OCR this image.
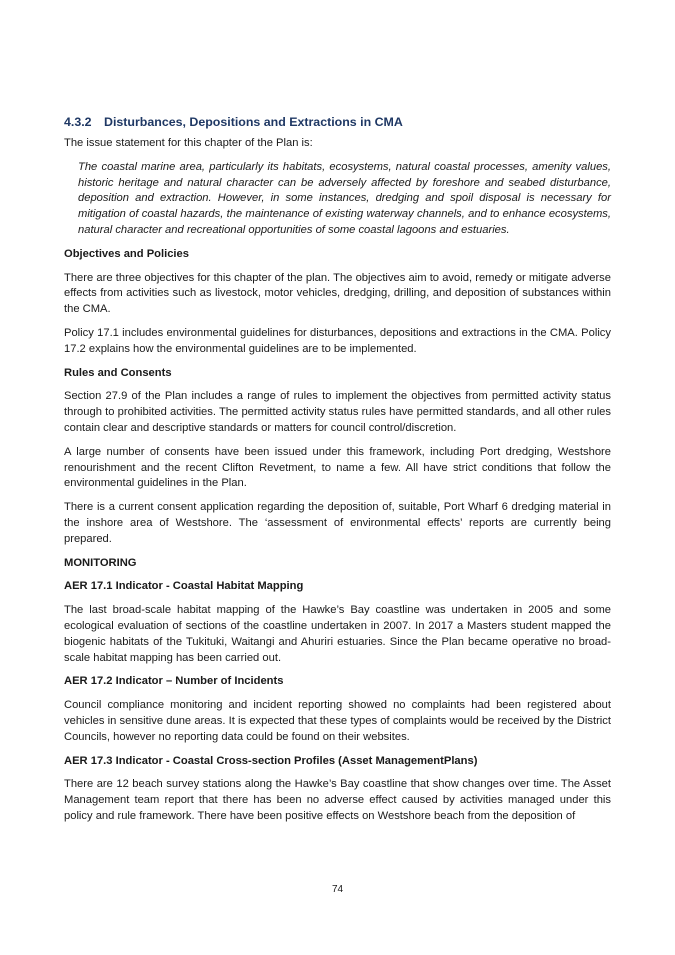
4.3.2 Disturbances, Depositions and Extractions in CMA

The issue statement for this chapter of the Plan is:

The coastal marine area, particularly its habitats, ecosystems, natural coastal processes, amenity values, historic heritage and natural character can be adversely affected by foreshore and seabed disturbance, deposition and extraction. However, in some instances, dredging and spoil disposal is necessary for mitigation of coastal hazards, the maintenance of existing waterway channels, and to enhance ecosystems, natural character and recreational opportunities of some coastal lagoons and estuaries.

Objectives and Policies

There are three objectives for this chapter of the plan. The objectives aim to avoid, remedy or mitigate adverse effects from activities such as livestock, motor vehicles, dredging, drilling, and deposition of substances within the CMA.

Policy 17.1 includes environmental guidelines for disturbances, depositions and extractions in the CMA. Policy 17.2 explains how the environmental guidelines are to be implemented.

Rules and Consents

Section 27.9 of the Plan includes a range of rules to implement the objectives from permitted activity status through to prohibited activities. The permitted activity status rules have permitted standards, and all other rules contain clear and descriptive standards or matters for council control/discretion.

A large number of consents have been issued under this framework, including Port dredging, Westshore renourishment and the recent Clifton Revetment, to name a few. All have strict conditions that follow the environmental guidelines in the Plan.

There is a current consent application regarding the deposition of, suitable, Port Wharf 6 dredging material in the inshore area of Westshore. The ‘assessment of environmental effects’ reports are currently being prepared.

MONITORING
AER 17.1 Indicator - Coastal Habitat Mapping

The last broad-scale habitat mapping of the Hawke’s Bay coastline was undertaken in 2005 and some ecological evaluation of sections of the coastline undertaken in 2007. In 2017 a Masters student mapped the biogenic habitats of the Tukituki, Waitangi and Ahuriri estuaries. Since the Plan became operative no broad-scale habitat mapping has been carried out.

AER 17.2 Indicator – Number of Incidents

Council compliance monitoring and incident reporting showed no complaints had been registered about vehicles in sensitive dune areas. It is expected that these types of complaints would be received by the District Councils, however no reporting data could be found on their websites.

AER 17.3 Indicator - Coastal Cross-section Profiles (Asset ManagementPlans)

There are 12 beach survey stations along the Hawke’s Bay coastline that show changes over time. The Asset Management team report that there has been no adverse effect caused by activities managed under this policy and rule framework. There have been positive effects on Westshore beach from the deposition of

74
